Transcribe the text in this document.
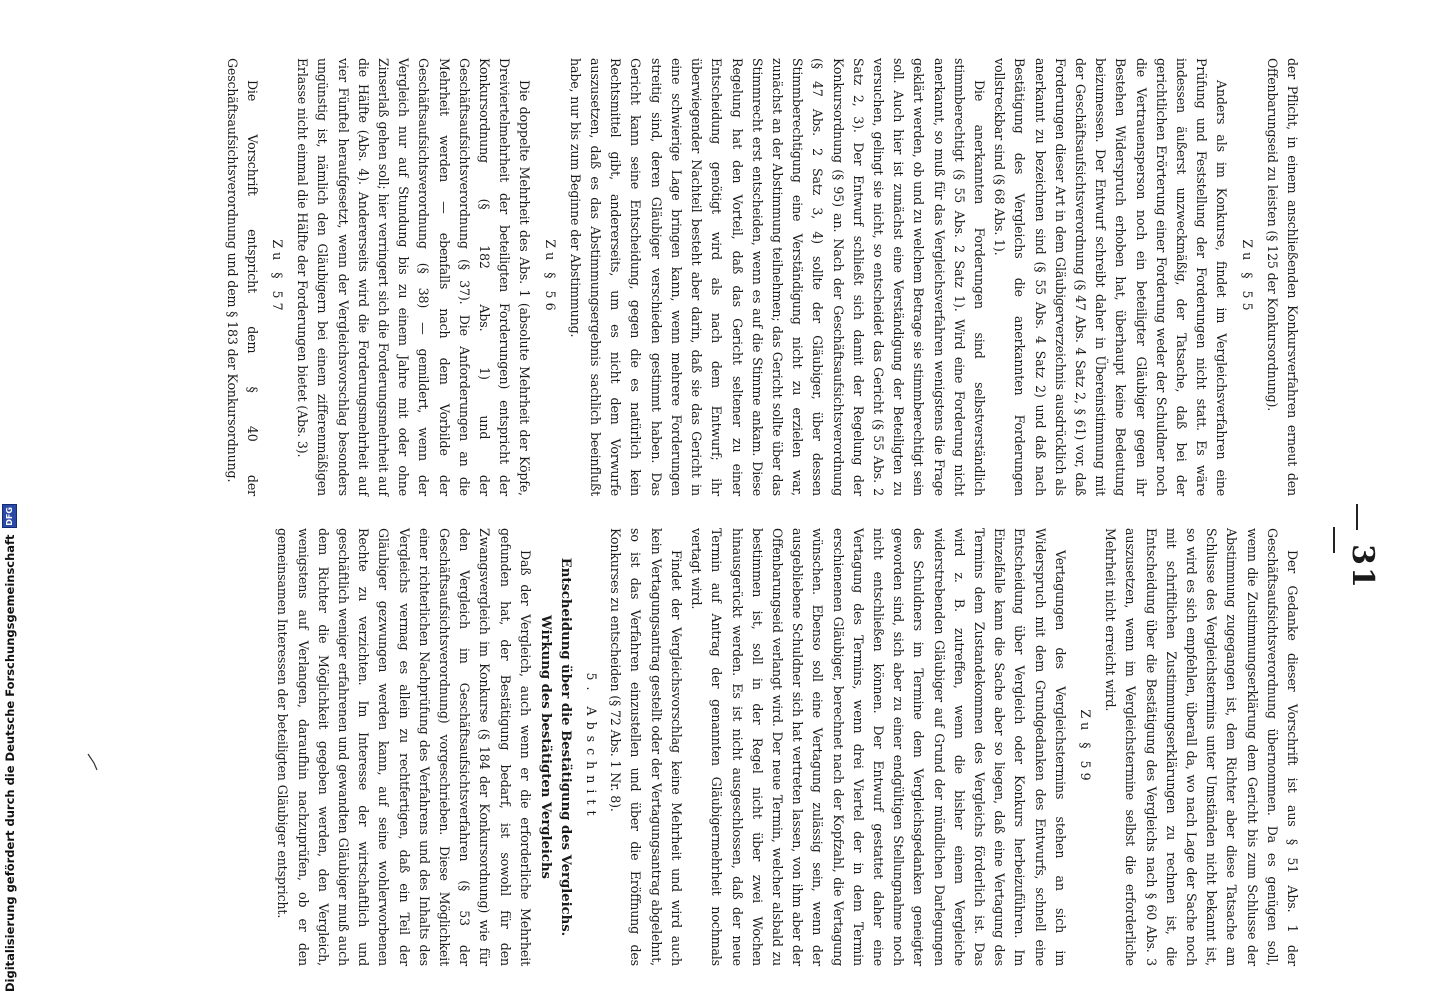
31

Der Gedanke dieser Vorschrift ist aus § 51 Abs. 1 der Geschäftsaufsichtsverordnung übernommen. Da es genügen soll, wenn die Zustimmungserklärung dem Gericht bis zum Schlusse der Abstimmung zugegangen ist, dem Richter aber diese Tatsache am Schlusse des Vergleichstermins unter Umständen nicht bekannt ist, so wird es sich empfehlen, überall da, wo nach Lage der Sache noch mit schriftlichen Zustimmungserklärungen zu rechnen ist, die Entscheidung über die Bestätigung des Vergleichs nach § 60 Abs. 3 auszusetzen, wenn im Vergleichstermine selbst die erforderliche Mehrheit nicht erreicht wird.

Zu § 59

Vertagungen des Vergleichstermins stehen an sich im Widerspruch mit dem Grundgedanken des Entwurfs, schnell eine Entscheidung über Vergleich oder Konkurs herbeizuführen. Im Einzelfalle kann die Sache aber so liegen, daß eine Vertagung des Termins dem Zustandekommen des Vergleichs förderlich ist. Das wird z. B. zutreffen, wenn die bisher einem Vergleiche widerstrebenden Gläubiger auf Grund der mündlichen Darlegungen des Schuldners im Termine dem Vergleichsgedanken geneigter geworden sind, sich aber zu einer endgültigen Stellungnahme noch nicht entschließen können. Der Entwurf gestattet daher eine Vertagung des Termins, wenn drei Viertel der in dem Termin erschienenen Gläubiger, berechnet nach der Kopfzahl, die Vertagung wünschen. Ebenso soll eine Vertagung zulässig sein, wenn der ausgebliebene Schuldner sich hat vertreten lassen, von ihm aber der Offenbarungseid verlangt wird. Der neue Termin, welcher alsbald zu bestimmen ist, soll in der Regel nicht über zwei Wochen hinausgerückt werden. Es ist nicht ausgeschlossen, daß der neue Termin auf Antrag der genannten Gläubigermehrheit nochmals vertagt wird.

Findet der Vergleichsvorschlag keine Mehrheit und wird auch kein Vertagungsantrag gestellt oder der Vertagungsantrag abgelehnt, so ist das Verfahren einzustellen und über die Eröffnung des Konkurses zu entscheiden (§ 72 Abs. 1 Nr. 8).

5. Abschnitt
Entscheidung über die Bestätigung des Vergleichs.
Wirkung des bestätigten Vergleichs

Daß der Vergleich, auch wenn er die erforderliche Mehrheit gefunden hat, der Bestätigung bedarf, ist sowohl für den Zwangsvergleich im Konkurse (§ 184 der Konkursordnung) wie für den Vergleich im Geschäftsaufsichtsverfahren (§ 53 der Geschäftsaufsichtsverordnung) vorgeschrieben. Diese Möglichkeit einer richterlichen Nachprüfung des Verfahrens und des Inhalts des Vergleichs vermag es allein zu rechtfertigen, daß ein Teil der Gläubiger gezwungen werden kann, auf seine wohlerworbenen Rechte zu verzichten. Im Interesse der wirtschaftlich und geschäftlich weniger erfahrenen und gewandten Gläubiger muß auch dem Richter die Möglichkeit gegeben werden, den Vergleich, wenigstens auf Verlangen, daraufhin nachzuprüfen, ob er den gemeinsamen Interessen der beteiligten Gläubiger entspricht.

der Pflicht, in einem anschließenden Konkursverfahren erneut den Offenbarungseid zu leisten (§ 125 der Konkursordnung).

Zu § 55

Anders als im Konkurse, findet im Vergleichsverfahren eine Prüfung und Feststellung der Forderungen nicht statt. Es wäre indessen äußerst unzweckmäßig, der Tatsache, daß bei der gerichtlichen Erörterung einer Forderung weder der Schuldner noch die Vertrauensperson noch ein beteiligter Gläubiger gegen ihr Bestehen Widerspruch erhoben hat, überhaupt keine Bedeutung beizumessen. Der Entwurf schreibt daher in Übereinstimmung mit der Geschäftsaufsichtsverordnung (§ 47 Abs. 4 Satz 2, § 61) vor, daß Forderungen dieser Art in dem Gläubigerverzeichnis ausdrücklich als anerkannt zu bezeichnen sind (§ 55 Abs. 4 Satz 2) und daß nach Bestätigung des Vergleichs die anerkannten Forderungen vollstreckbar sind (§ 68 Abs. 1).

Die anerkannten Forderungen sind selbstverständlich stimmberechtigt (§ 55 Abs. 2 Satz 1). Wird eine Forderung nicht anerkannt, so muß für das Vergleichsverfahren wenigstens die Frage geklärt werden, ob und zu welchem Betrage sie stimmberechtigt sein soll. Auch hier ist zunächst eine Verständigung der Beteiligten zu versuchen, gelingt sie nicht, so entscheidet das Gericht (§ 55 Abs. 2 Satz 2, 3). Der Entwurf schließt sich damit der Regelung der Konkursordnung (§ 95) an. Nach der Geschäftsaufsichtsverordnung (§ 47 Abs. 2 Satz 3, 4) sollte der Gläubiger, über dessen Stimmberechtigung eine Verständigung nicht zu erzielen war, zunächst an der Abstimmung teilnehmen; das Gericht sollte über das Stimmrecht erst entscheiden, wenn es auf die Stimme ankam. Diese Regelung hat den Vorteil, daß das Gericht seltener zu einer Entscheidung genötigt wird als nach dem Entwurf; ihr überwiegender Nachteil besteht aber darin, daß sie das Gericht in eine schwierige Lage bringen kann, wenn mehrere Forderungen streitig sind, deren Gläubiger verschieden gestimmt haben. Das Gericht kann seine Entscheidung, gegen die es natürlich kein Rechtsmittel gibt, andererseits, um es nicht dem Vorwurfe auszusetzen, daß es das Abstimmungsergebnis sachlich beeinflußt habe, nur bis zum Beginne der Abstimmung.

Zu § 56

Die doppelte Mehrheit des Abs. 1 (absolute Mehrheit der Köpfe, Dreiviertelmehrheit der beteiligten Forderungen) entspricht der Konkursordnung (§ 182 Abs. 1) und der Geschäftsaufsichtsverordnung (§ 37). Die Anforderungen an die Mehrheit werden — ebenfalls nach dem Vorbilde der Geschäftsaufsichtsverordnung (§ 38) — gemildert, wenn der Vergleich nur auf Stundung bis zu einem Jahre mit oder ohne Zinserlaß gehen soll; hier verringert sich die Forderungsmehrheit auf die Hälfte (Abs. 4). Andererseits wird die Forderungsmehrheit auf vier Fünftel heraufgesetzt, wenn der Vergleichsvorschlag besonders ungünstig ist, nämlich den Gläubigern bei einem zifferenmäßigen Erlasse nicht einmal die Hälfte der Forderungen bietet (Abs. 3).

Zu § 57

Die Vorschrift entspricht dem § 40 der Geschäftsaufsichtsverordnung und dem § 183 der Konkursordnung.

Digitalisierung gefördert durch die Deutsche Forschungsgemeinschaft
DFG
